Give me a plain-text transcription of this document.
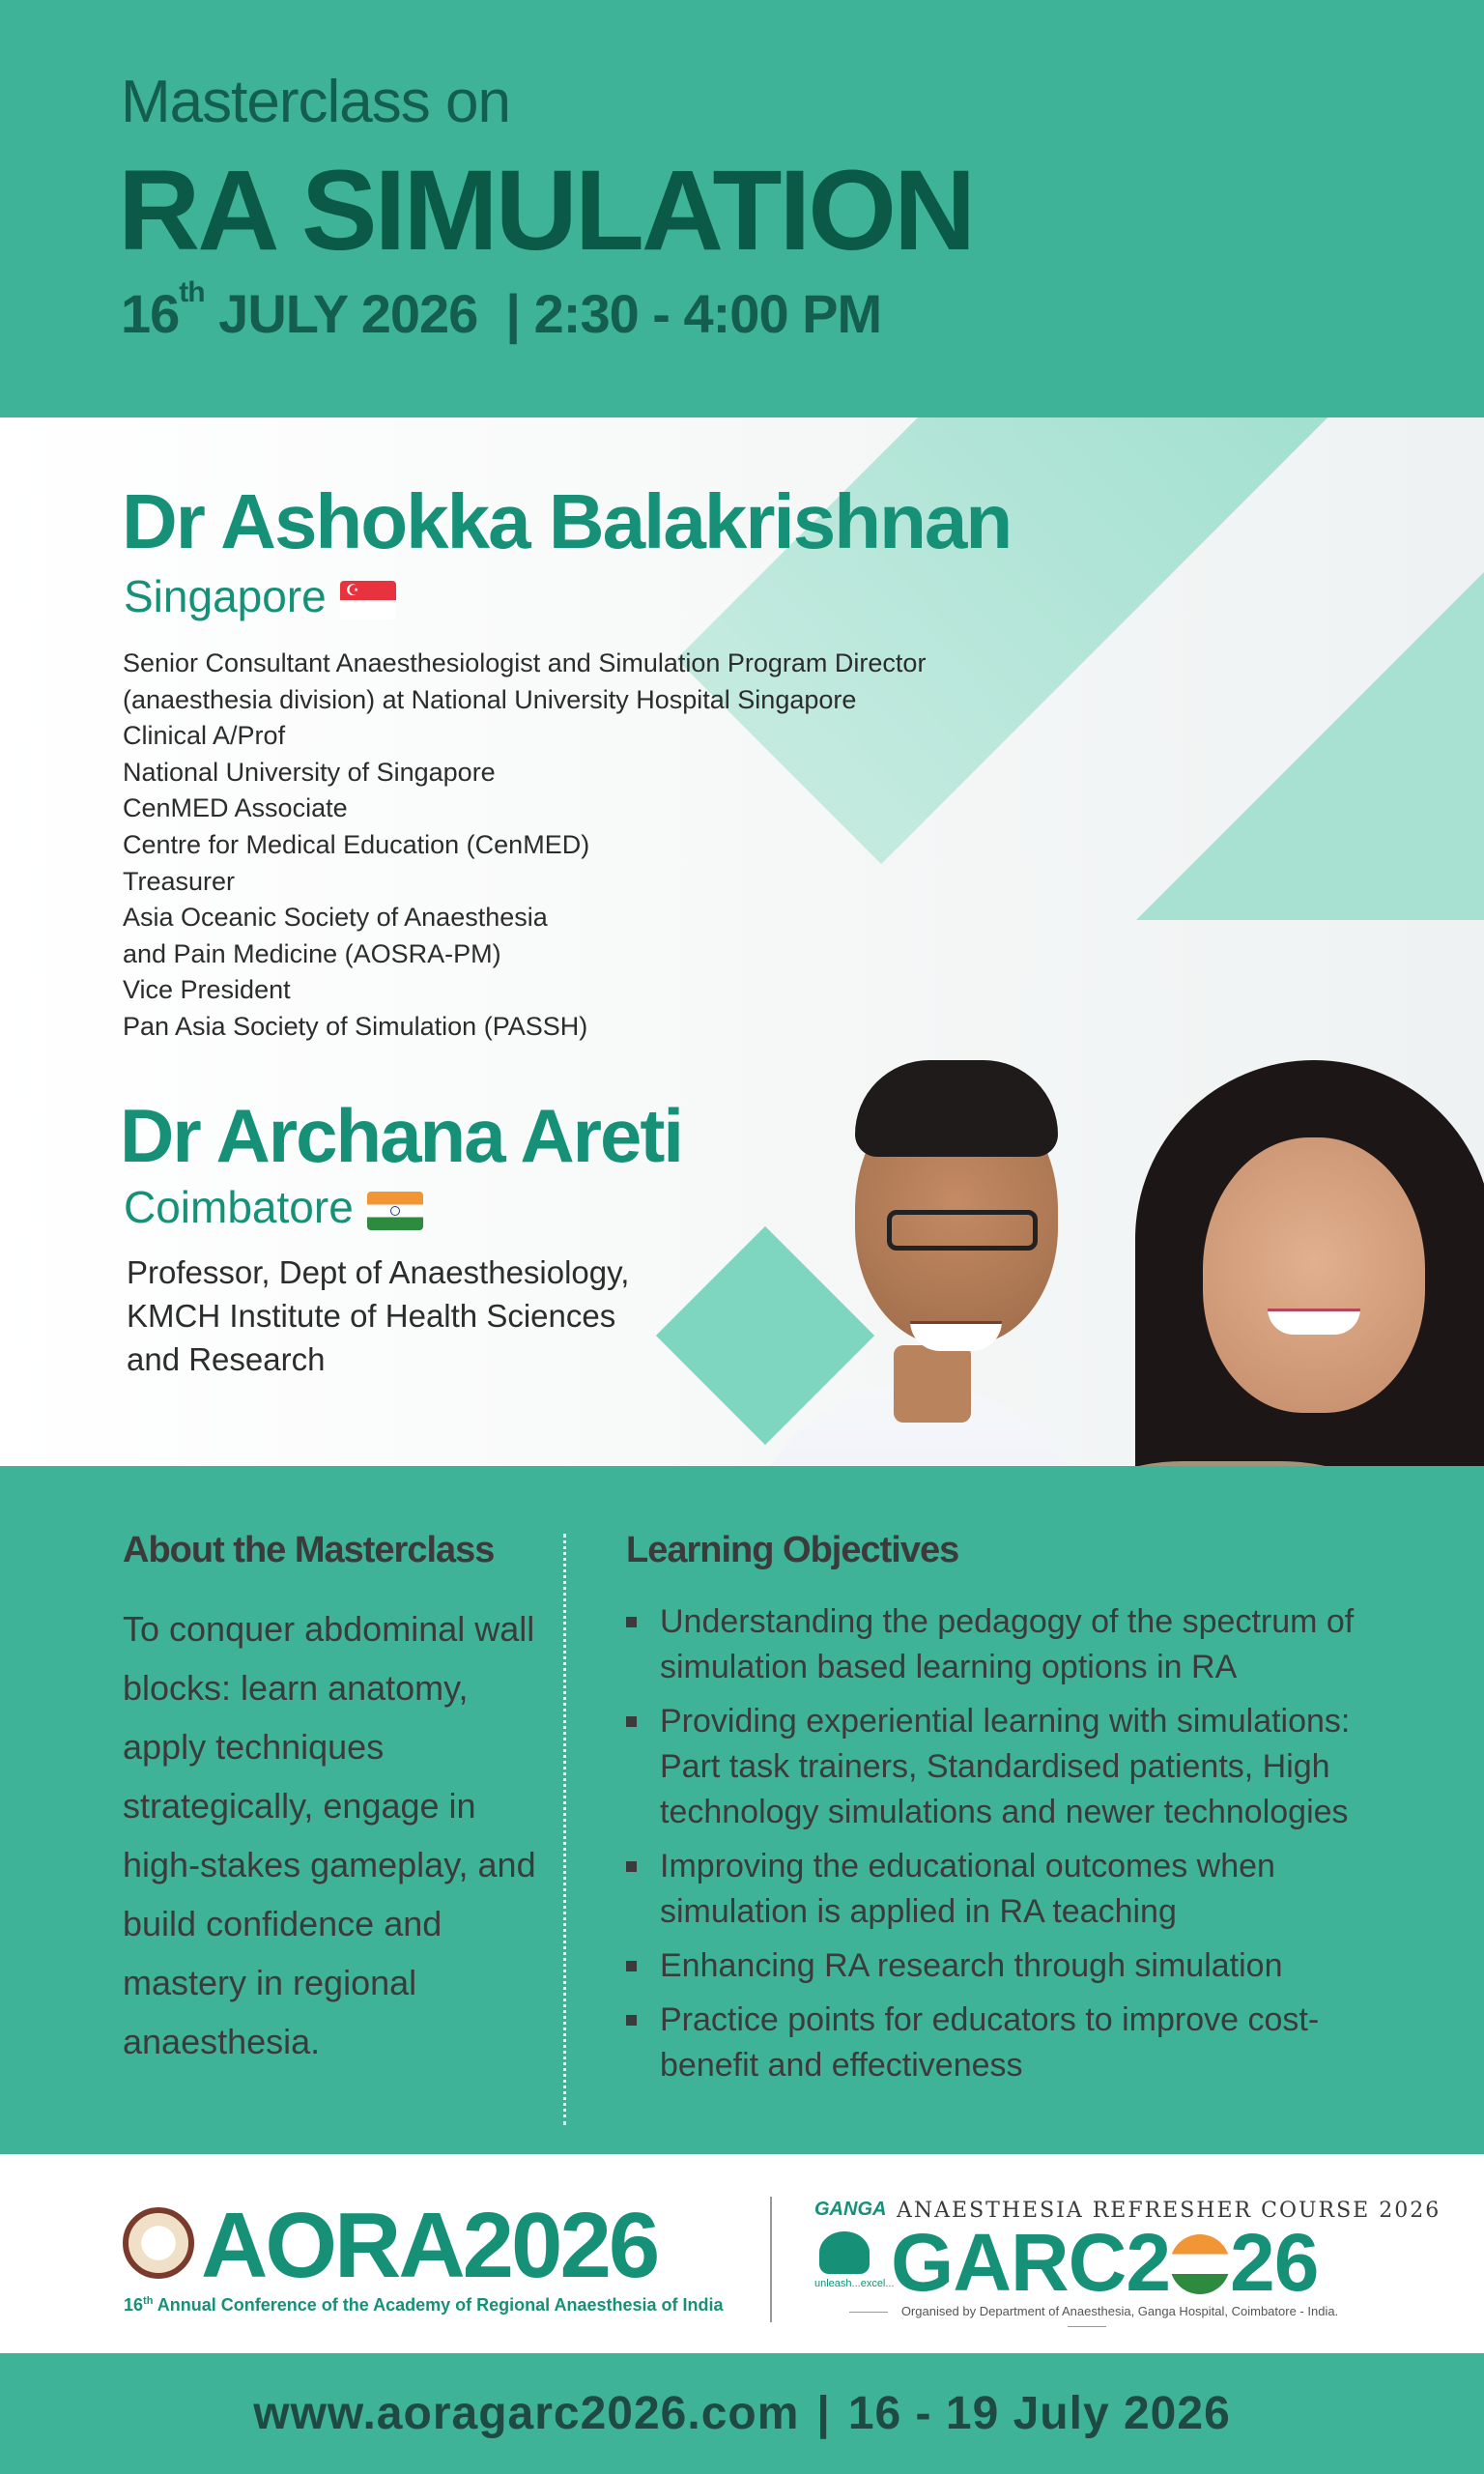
Masterclass on
RA SIMULATION
16th JULY 2026  | 2:30 - 4:00 PM
Dr Ashokka Balakrishnan
Singapore☪
Senior Consultant Anaesthesiologist and Simulation Program Director
(anaesthesia division) at National University Hospital Singapore
Clinical A/Prof
National University of Singapore
CenMED Associate
Centre for Medical Education (CenMED)
Treasurer
Asia Oceanic Society of Anaesthesia
and Pain Medicine (AOSRA-PM)
Vice President
Pan Asia Society of Simulation (PASSH)
Dr Archana Areti
Coimbatore
Professor, Dept of Anaesthesiology,
KMCH Institute of Health Sciences
and Research
About the Masterclass
To conquer abdominal wall blocks: learn anatomy, apply techniques strategically, engage in high-stakes gameplay, and build confidence and mastery in regional anaesthesia.
Learning Objectives
Understanding the pedagogy of the spectrum of simulation based learning options in RA
Providing experiential learning with simulations: Part task trainers, Standardised patients, High technology simulations and newer technologies
Improving the educational outcomes when simulation is applied in RA teaching
Enhancing RA research through simulation
Practice points for educators to improve cost-benefit and effectiveness
AORA2026
16th Annual Conference of the Academy of Regional Anaesthesia of India
GANGA ANAESTHESIA REFRESHER COURSE 2026
unleash...excel...
GARC2 26
Organised by Department of Anaesthesia, Ganga Hospital, Coimbatore - India.
www.aoragarc2026.com | 16 - 19 July 2026
